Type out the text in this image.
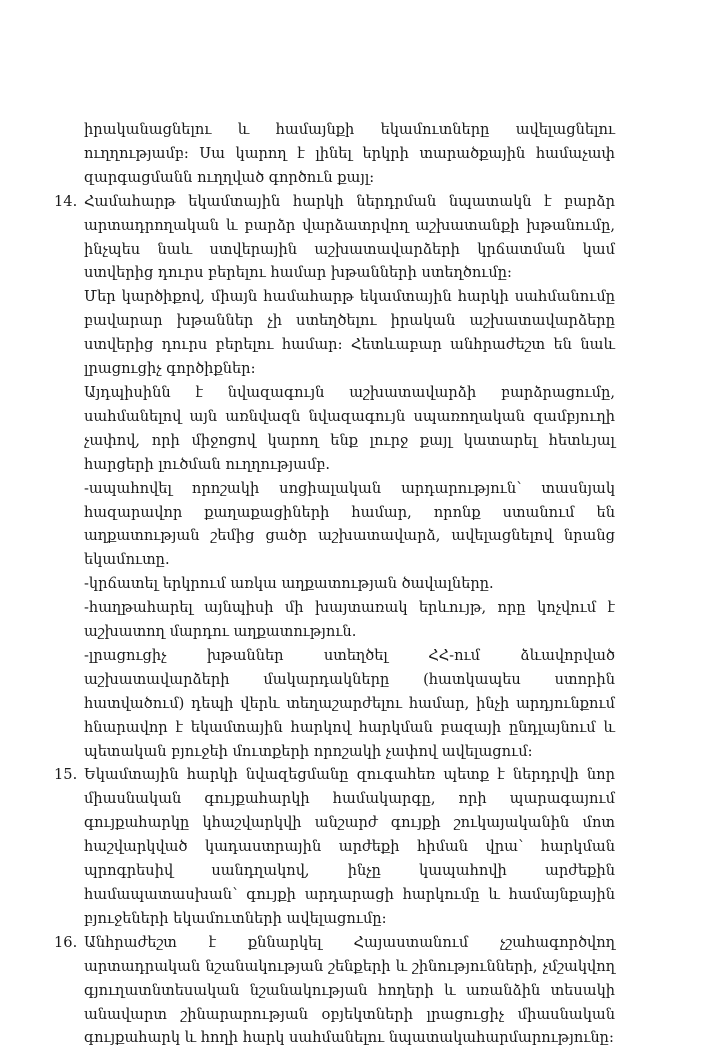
իրականացնելու և համայնքի եկամուտները ավելացնելու ուղղությամբ: Սա կարող է լինել երկրի տարածքային համաչափ զարգացմանն ուղղված գործուն քայլ:

14. Համահարթ եկամտային հարկի ներդրման նպատակն է բարձր արտադրողական և բարձր վարձատրվող աշխատանքի խթանումը, ինչպես նաև ստվերային աշխատավարձերի կրճատման կամ ստվերից դուրս բերելու համար խթանների ստեղծումը:

Մեր կարծիքով, միայն համահարթ եկամտային հարկի սահմանումը բավարար խթաններ չի ստեղծելու իրական աշխատավարձերը ստվերից դուրս բերելու համար: Հետևաբար անհրաժեշտ են նաև լրացուցիչ գործիքներ:

Այդպիսինն է նվազագույն աշխատավարձի բարձրացումը, սահմանելով այն առնվազն նվազագույն սպառողական զամբյուղի չափով, որի միջոցով կարող ենք լուրջ քայլ կատարել հետևյալ հարցերի լուծման ուղղությամբ.

-ապահովել որոշակի սոցիալական արդարություն՝ տասնյակ հազարավոր քաղաքացիների համար, որոնք ստանում են աղքատության շեմից ցածր աշխատավարձ, ավելացնելով նրանց եկամուտը.

-կրճատել երկրում առկա աղքատության ծավալները.

-հաղթահարել այնպիսի մի խայտառակ երևույթ, որը կոչվում է աշխատող մարդու աղքատություն.

-լրացուցիչ խթաններ ստեղծել ՀՀ-ում ձևավորված աշխատավարձերի մակարդակները (հատկապես ստորին հատվածում) դեպի վերև տեղաշարժելու համար, ինչի արդյունքում հնարավոր է եկամտային հարկով հարկման բազայի ընդլայնում և պետական բյուջեի մուտքերի որոշակի չափով ավելացում:

15. Եկամտային հարկի նվազեցմանը զուգահեռ պետք է ներդրվի նոր միասնական գույքահարկի համակարգը, որի պարագայում գույքահարկը կհաշվարկվի անշարժ գույքի շուկայականին մոտ հաշվարկված կադաստրային արժեքի հիման վրա՝ հարկման պրոգրեսիվ սանդղակով, ինչը կապահովի արժեքին համապատասխան՝ գույքի արդարացի հարկումը և համայնքային բյուջեների եկամուտների ավելացումը:

16. Անհրաժեշտ է քննարկել Հայաստանում չշահագործվող արտադրական նշանակության շենքերի և շինությունների, չմշակվող գյուղատնտեսական նշանակության հողերի և առանձին տեսակի անավարտ շինարարության օբյեկտների լրացուցիչ միասնական գույքահարկ և հողի հարկ սահմանելու նպատակահարմարությունը:
